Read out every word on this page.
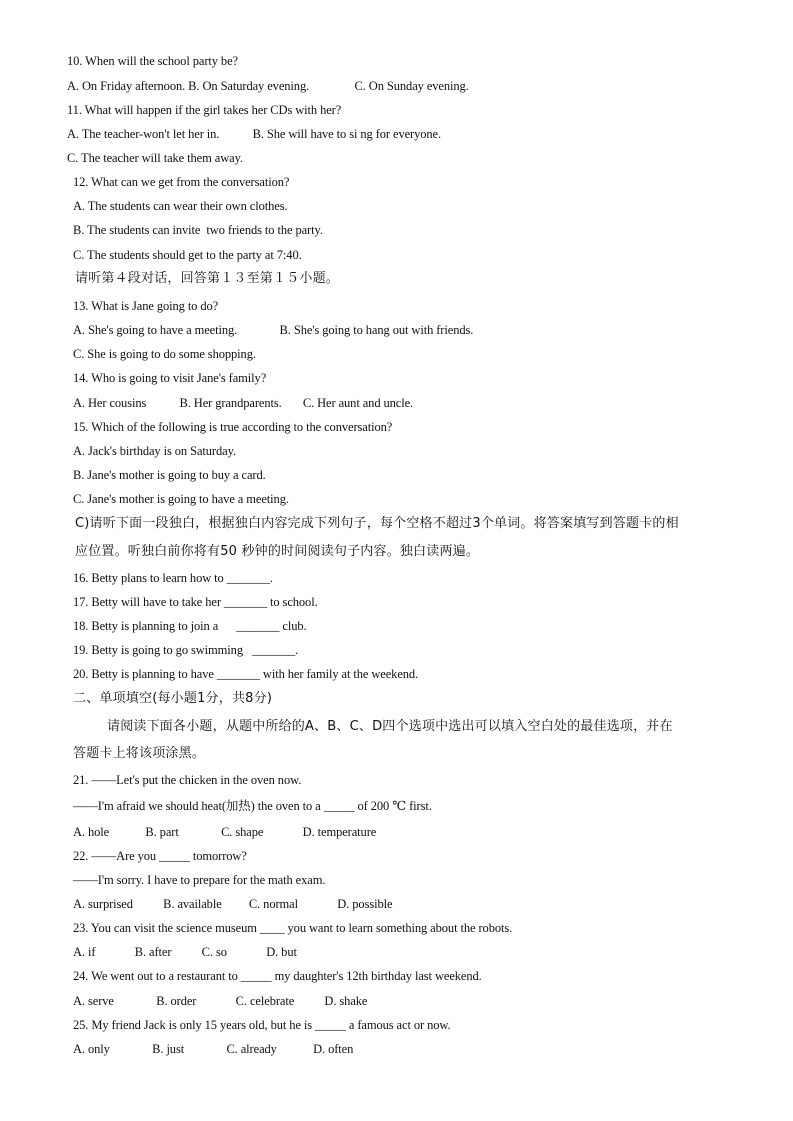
10. When will the school party be?
A. On Friday afternoon. B. On Saturday evening.               C. On Sunday evening.
11. What will happen if the girl takes her CDs with her?
A. The teacher-won't let her in.           B. She will have to si ng for everyone.
C. The teacher will take them away.
12. What can we get from the conversation?
A. The students can wear their own clothes.
B. The students can invite  two friends to the party.
C. The students should get to the party at 7:40.
请听第４段对话，回答第１３至第１５小题。
13. What is Jane going to do?
A. She's going to have a meeting.              B. She's going to hang out with friends.
C. She is going to do some shopping.
14. Who is going to visit Jane's family?
A. Her cousins           B. Her grandparents.       C. Her aunt and uncle.
15. Which of the following is true according to the conversation?
A. Jack's birthday is on Saturday.
B. Jane's mother is going to buy a card.
C. Jane's mother is going to have a meeting.
C)请听下面一段独白，根据独白内容完成下列句子，每个空格不超过3个单词。将答案填写到答题卡的相
应位置。听独白前你将有50 秒钟的时间阅读句子内容。独白读两遍。
16. Betty plans to learn how to _______.
17. Betty will have to take her _______ to school.
18. Betty is planning to join a      _______ club.
19. Betty is going to go swimming   _______.
20. Betty is planning to have _______ with her family at the weekend.
二、单项填空(每小题1分，共8分)
请阅读下面各小题，从题中所给的A、B、C、D四个选项中选出可以填入空白处的最佳选项，并在
答题卡上将该项涂黑。
21. ——Let's put the chicken in the oven now.
——I'm afraid we should heat(加热) the oven to a _____ of 200 ℃ first.
A. hole            B. part              C. shape             D. temperature
22. ——Are you _____ tomorrow?
——I'm sorry. I have to prepare for the math exam.
A. surprised          B. available         C. normal             D. possible
23. You can visit the science museum ____ you want to learn something about the robots.
A. if             B. after          C. so             D. but
24. We went out to a restaurant to _____ my daughter's 12th birthday last weekend.
A. serve              B. order             C. celebrate          D. shake
25. My friend Jack is only 15 years old, but he is _____ a famous act or now.
A. only              B. just              C. already            D. often
